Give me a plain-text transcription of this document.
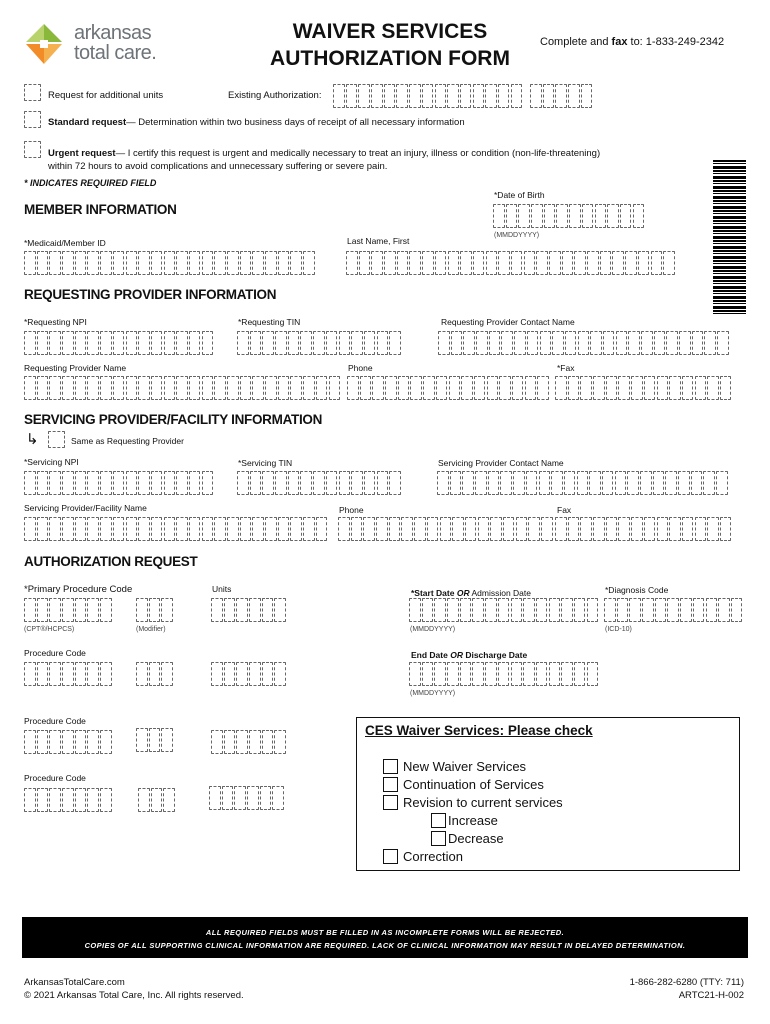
arkansas
total care.
WAIVER SERVICES
AUTHORIZATION FORM
Complete and fax to: 1-833-249-2342
Request for additional units	Existing Authorization:
Standard request— Determination within two business days of receipt of all necessary information
Urgent request— I certify this request is urgent and medically necessary to treat an injury, illness or condition (non-life-threatening)
within 72 hours to avoid complications and unnecessary suffering or severe pain.
* INDICATES REQUIRED FIELD
MEMBER INFORMATION
*Date of Birth
(MMDDYYYY)
*Medicaid/Member ID	Last Name, First
REQUESTING PROVIDER INFORMATION
*Requesting NPI	*Requesting TIN	Requesting Provider Contact Name
Requesting Provider Name	Phone	*Fax
SERVICING PROVIDER/FACILITY INFORMATION
↳	Same as Requesting Provider
*Servicing NPI	*Servicing TIN	Servicing Provider Contact Name
Servicing Provider/Facility Name	Phone	Fax
AUTHORIZATION REQUEST
*Primary Procedure Code	Units	*Start Date OR Admission Date	*Diagnosis Code
(CPT®/HCPCS)	(Modifier)	(MMDDYYYY)	(ICD-10)
Procedure Code	End Date OR Discharge Date
(MMDDYYYY)
Procedure Code
Procedure Code
CES Waiver Services: Please check
New Waiver Services
Continuation of Services
Revision to current services
Increase
Decrease
Correction
ALL REQUIRED FIELDS MUST BE FILLED IN AS INCOMPLETE FORMS WILL BE REJECTED.
COPIES OF ALL SUPPORTING CLINICAL INFORMATION ARE REQUIRED. LACK OF CLINICAL INFORMATION MAY RESULT IN DELAYED DETERMINATION.
ArkansasTotalCare.com
© 2021 Arkansas Total Care, Inc. All rights reserved.
1-866-282-6280 (TTY: 711)
ARTC21-H-002
